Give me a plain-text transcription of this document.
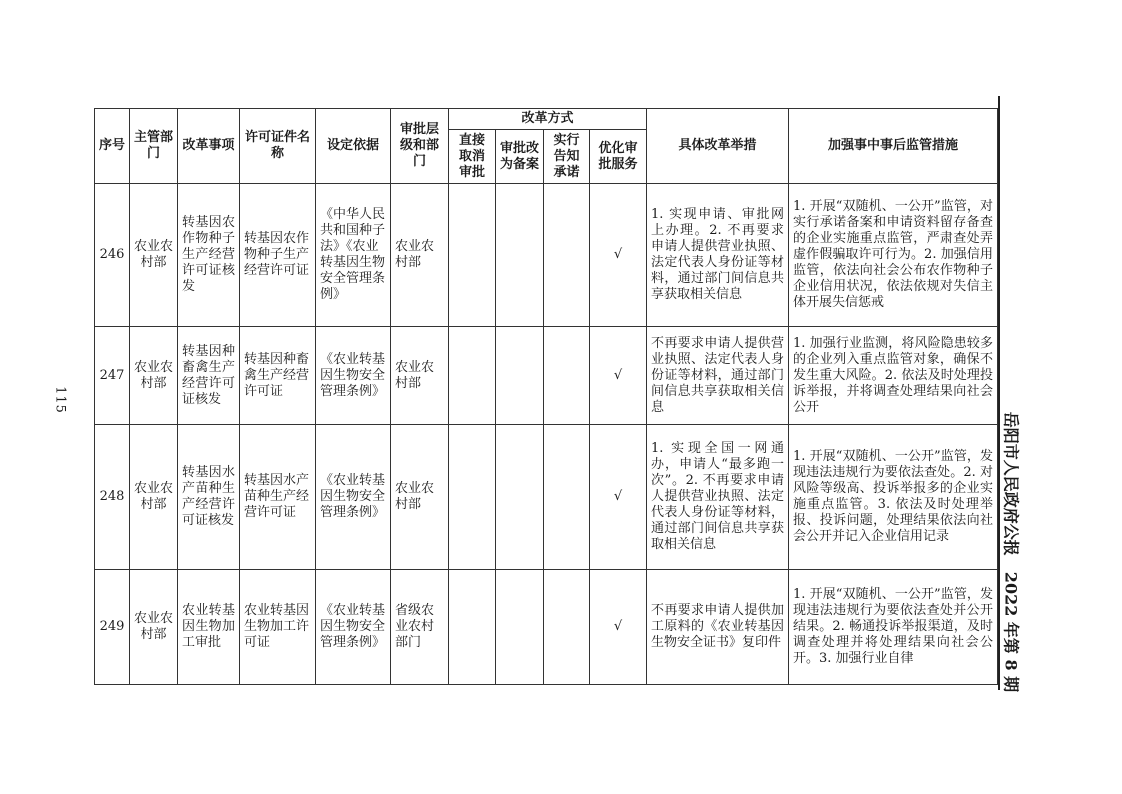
115
岳阳市人民政府公报　2022 年第 8 期
序号	主管部门	改革事项	许可证件名称	设定依据	审批层级和部门	改革方式				具体改革举措	加强事中事后监管措施
						直接取消审批	审批改为备案	实行告知承诺	优化审批服务		
246	农业农村部	转基因农作物种子生产经营许可证核发	转基因农作物种子生产经营许可证	《中华人民共和国种子法》《农业转基因生物安全管理条例》	农业农村部				√	1. 实现申请、审批网上办理。2. 不再要求申请人提供营业执照、法定代表人身份证等材料，通过部门间信息共享获取相关信息	1. 开展“双随机、一公开”监管，对实行承诺备案和申请资料留存备查的企业实施重点监管，严肃查处弄虚作假骗取许可行为。2. 加强信用监管，依法向社会公布农作物种子企业信用状况，依法依规对失信主体开展失信惩戒
247	农业农村部	转基因种畜禽生产经营许可证核发	转基因种畜禽生产经营许可证	《农业转基因生物安全管理条例》	农业农村部				√	不再要求申请人提供营业执照、法定代表人身份证等材料，通过部门间信息共享获取相关信息	1. 加强行业监测，将风险隐患较多的企业列入重点监管对象，确保不发生重大风险。2. 依法及时处理投诉举报，并将调查处理结果向社会公开
248	农业农村部	转基因水产苗种生产经营许可证核发	转基因水产苗种生产经营许可证	《农业转基因生物安全管理条例》	农业农村部				√	1. 实现全国一网通办，申请人“最多跑一次”。2. 不再要求申请人提供营业执照、法定代表人身份证等材料，通过部门间信息共享获取相关信息	1. 开展“双随机、一公开”监管，发现违法违规行为要依法查处。2. 对风险等级高、投诉举报多的企业实施重点监管。3. 依法及时处理举报、投诉问题，处理结果依法向社会公开并记入企业信用记录
249	农业农村部	农业转基因生物加工审批	农业转基因生物加工许可证	《农业转基因生物安全管理条例》	省级农业农村部门				√	不再要求申请人提供加工原料的《农业转基因生物安全证书》复印件	1. 开展“双随机、一公开”监管，发现违法违规行为要依法查处并公开结果。2. 畅通投诉举报渠道，及时调查处理并将处理结果向社会公开。3. 加强行业自律
